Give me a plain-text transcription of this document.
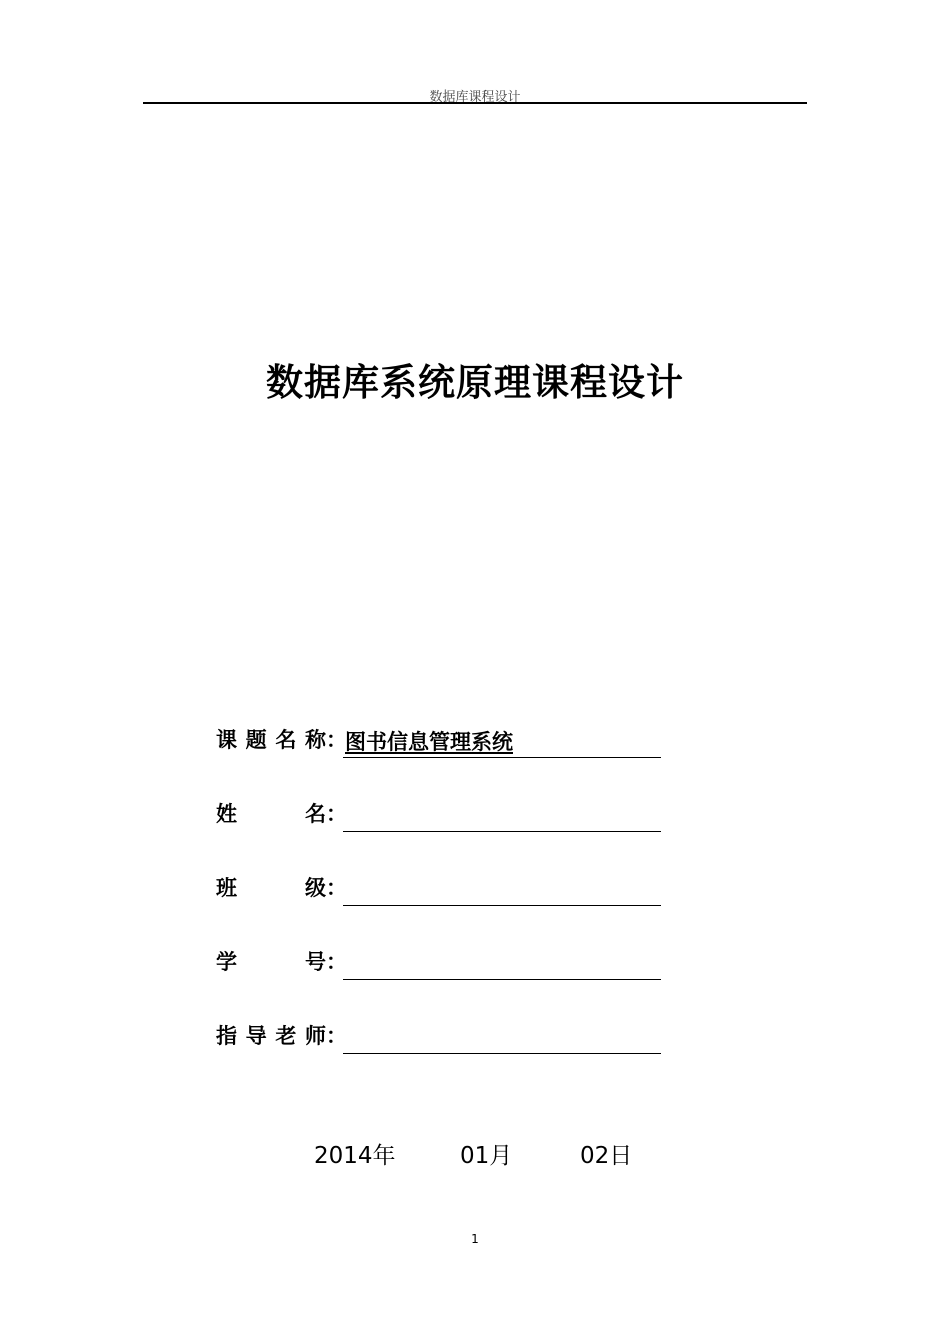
数据库课程设计
数据库系统原理课程设计
课题名称：
图书信息管理系统
姓名：
班级：
学号：
指导老师：
2014年	01月	02日
1
